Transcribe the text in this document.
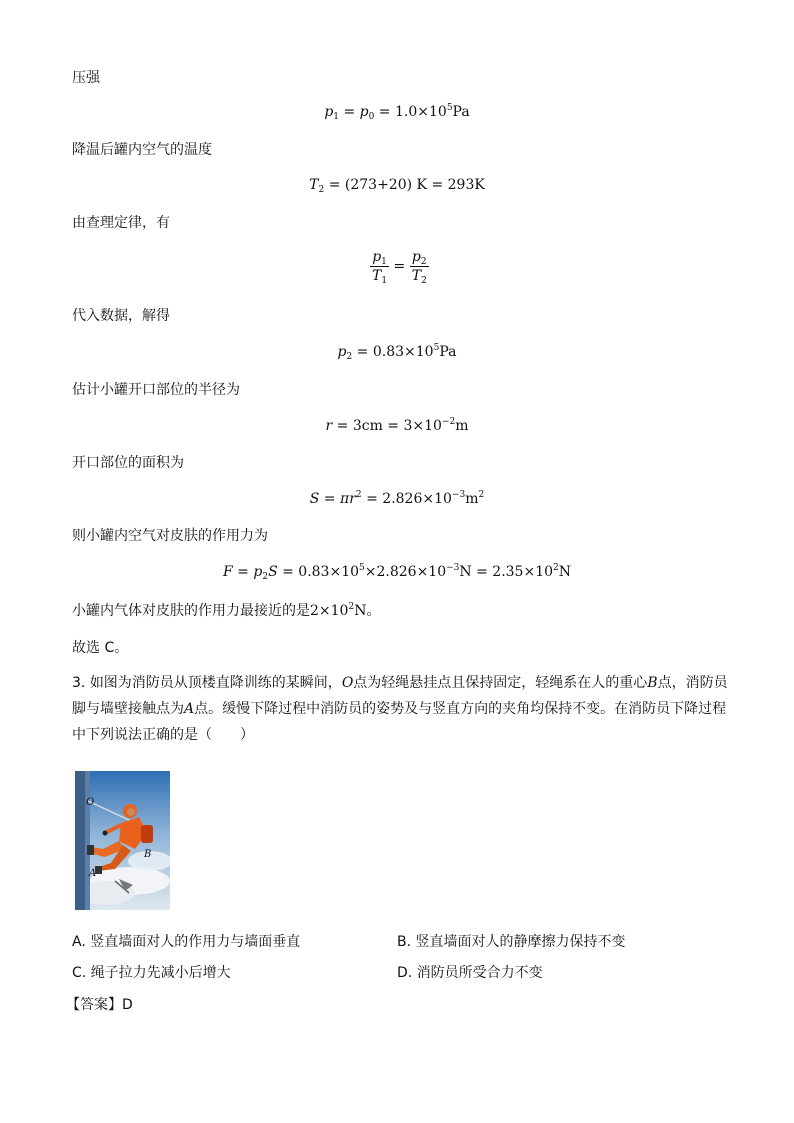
压强
$p_1 = p_0 = 1.0\times 10^5Pa$
降温后罐内空气的温度
$T_2 = (273+20) K = 293K$
由查理定律，有
$\frac{p_1}{T_1} = \frac{p_2}{T_2}$
代入数据，解得
$p_2 = 0.83\times 10^5Pa$
估计小罐开口部位的半径为
$r = 3cm = 3\times 10^{-2}m$
开口部位的面积为
$S = \pi r^2 = 2.826\times 10^{-3}m^2$
则小罐内空气对皮肤的作用力为
$F = p_2S = 0.83\times 10^5\times 2.826\times 10^{-3}N = 2.35\times 10^2N$
小罐内气体对皮肤的作用力最接近的是$2\times 10^2N$。
故选 C。
3. 如图为消防员从顶楼直降训练的某瞬间，O点为轻绳悬挂点且保持固定，轻绳系在人的重心B点，消防员脚与墙壁接触点为A点。缓慢下降过程中消防员的姿势及与竖直方向的夹角均保持不变。在消防员下降过程中下列说法正确的是（　　）
O
B
A
A. 竖直墙面对人的作用力与墙面垂直	B. 竖直墙面对人的静摩擦力保持不变
C. 绳子拉力先减小后增大	D. 消防员所受合力不变
【答案】D
